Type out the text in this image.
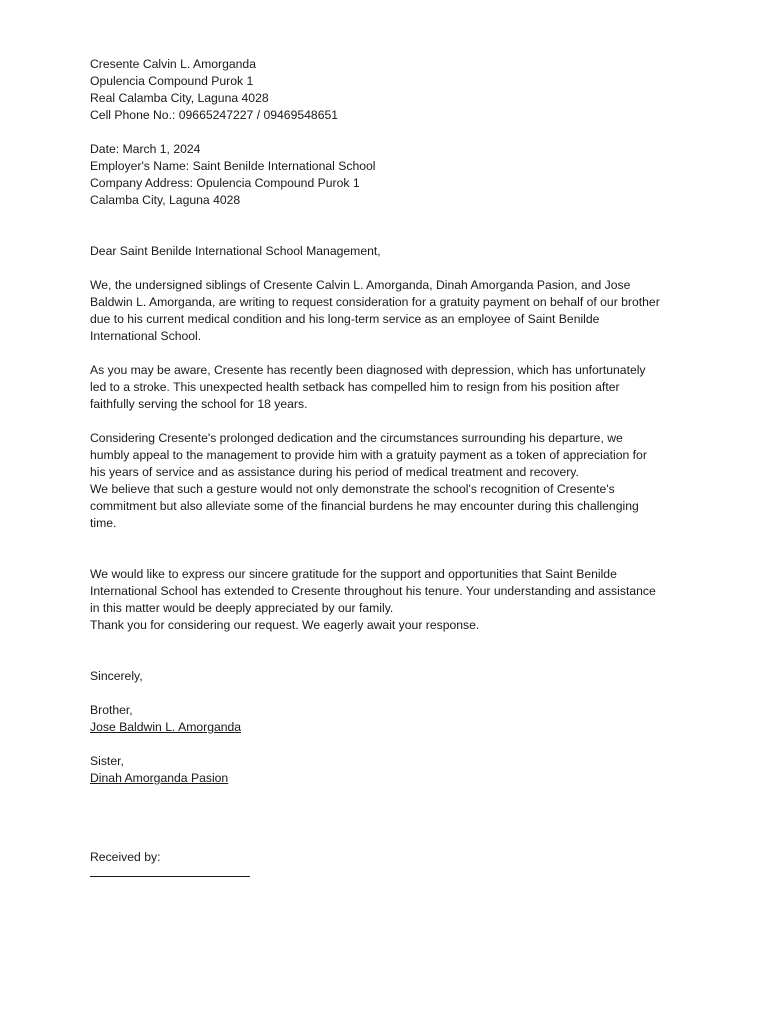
Cresente Calvin L. Amorganda
Opulencia Compound Purok 1
Real Calamba City, Laguna 4028
Cell Phone No.: 09665247227 / 09469548651
Date: March 1, 2024
Employer's Name: Saint Benilde International School
Company Address: Opulencia Compound Purok 1
Calamba City, Laguna 4028
Dear Saint Benilde International School Management,
We, the undersigned siblings of Cresente Calvin L. Amorganda, Dinah Amorganda Pasion, and Jose
Baldwin L. Amorganda, are writing to request consideration for a gratuity payment on behalf of our brother
due to his current medical condition and his long-term service as an employee of Saint Benilde
International School.
As you may be aware, Cresente has recently been diagnosed with depression, which has unfortunately
led to a stroke. This unexpected health setback has compelled him to resign from his position after
faithfully serving the school for 18 years.
Considering Cresente's prolonged dedication and the circumstances surrounding his departure, we
humbly appeal to the management to provide him with a gratuity payment as a token of appreciation for
his years of service and as assistance during his period of medical treatment and recovery.
We believe that such a gesture would not only demonstrate the school's recognition of Cresente's
commitment but also alleviate some of the financial burdens he may encounter during this challenging
time.
We would like to express our sincere gratitude for the support and opportunities that Saint Benilde
International School has extended to Cresente throughout his tenure. Your understanding and assistance
in this matter would be deeply appreciated by our family.
Thank you for considering our request. We eagerly await your response.
Sincerely,
Brother,
Jose Baldwin L. Amorganda
Sister,
Dinah Amorganda Pasion
Received by:
